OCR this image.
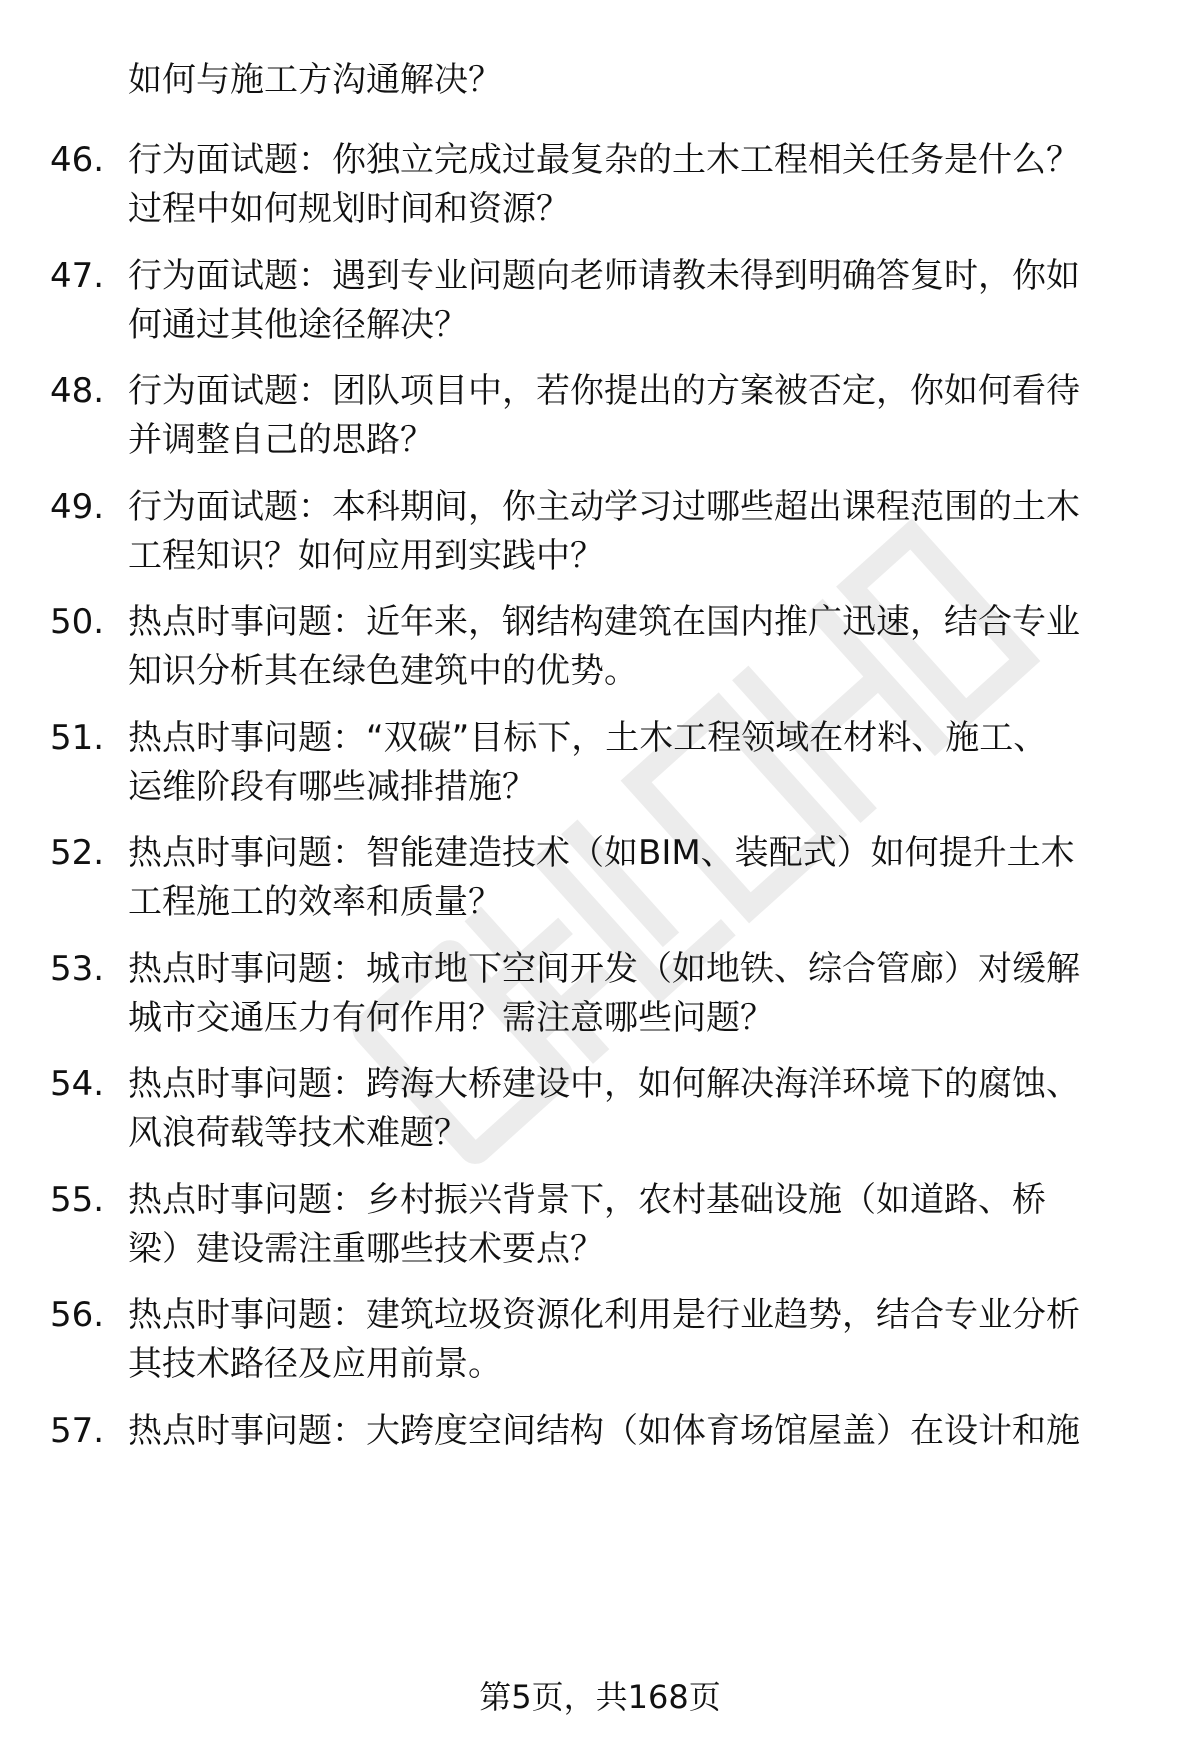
如何与施工方沟通解决？
46. 行为面试题：你独立完成过最复杂的土木工程相关任务是什么？
过程中如何规划时间和资源？
47. 行为面试题：遇到专业问题向老师请教未得到明确答复时，你如
何通过其他途径解决？
48. 行为面试题：团队项目中，若你提出的方案被否定，你如何看待
并调整自己的思路？
49. 行为面试题：本科期间，你主动学习过哪些超出课程范围的土木
工程知识？如何应用到实践中？
50. 热点时事问题：近年来，钢结构建筑在国内推广迅速，结合专业
知识分析其在绿色建筑中的优势。
51. 热点时事问题：“双碳”目标下，土木工程领域在材料、施工、
运维阶段有哪些减排措施？
52. 热点时事问题：智能建造技术（如BIM、装配式）如何提升土木
工程施工的效率和质量？
53. 热点时事问题：城市地下空间开发（如地铁、综合管廊）对缓解
城市交通压力有何作用？需注意哪些问题？
54. 热点时事问题：跨海大桥建设中，如何解决海洋环境下的腐蚀、
风浪荷载等技术难题？
55. 热点时事问题：乡村振兴背景下，农村基础设施（如道路、桥
梁）建设需注重哪些技术要点？
56. 热点时事问题：建筑垃圾资源化利用是行业趋势，结合专业分析
其技术路径及应用前景。
57. 热点时事问题：大跨度空间结构（如体育场馆屋盖）在设计和施
第5页，共168页
